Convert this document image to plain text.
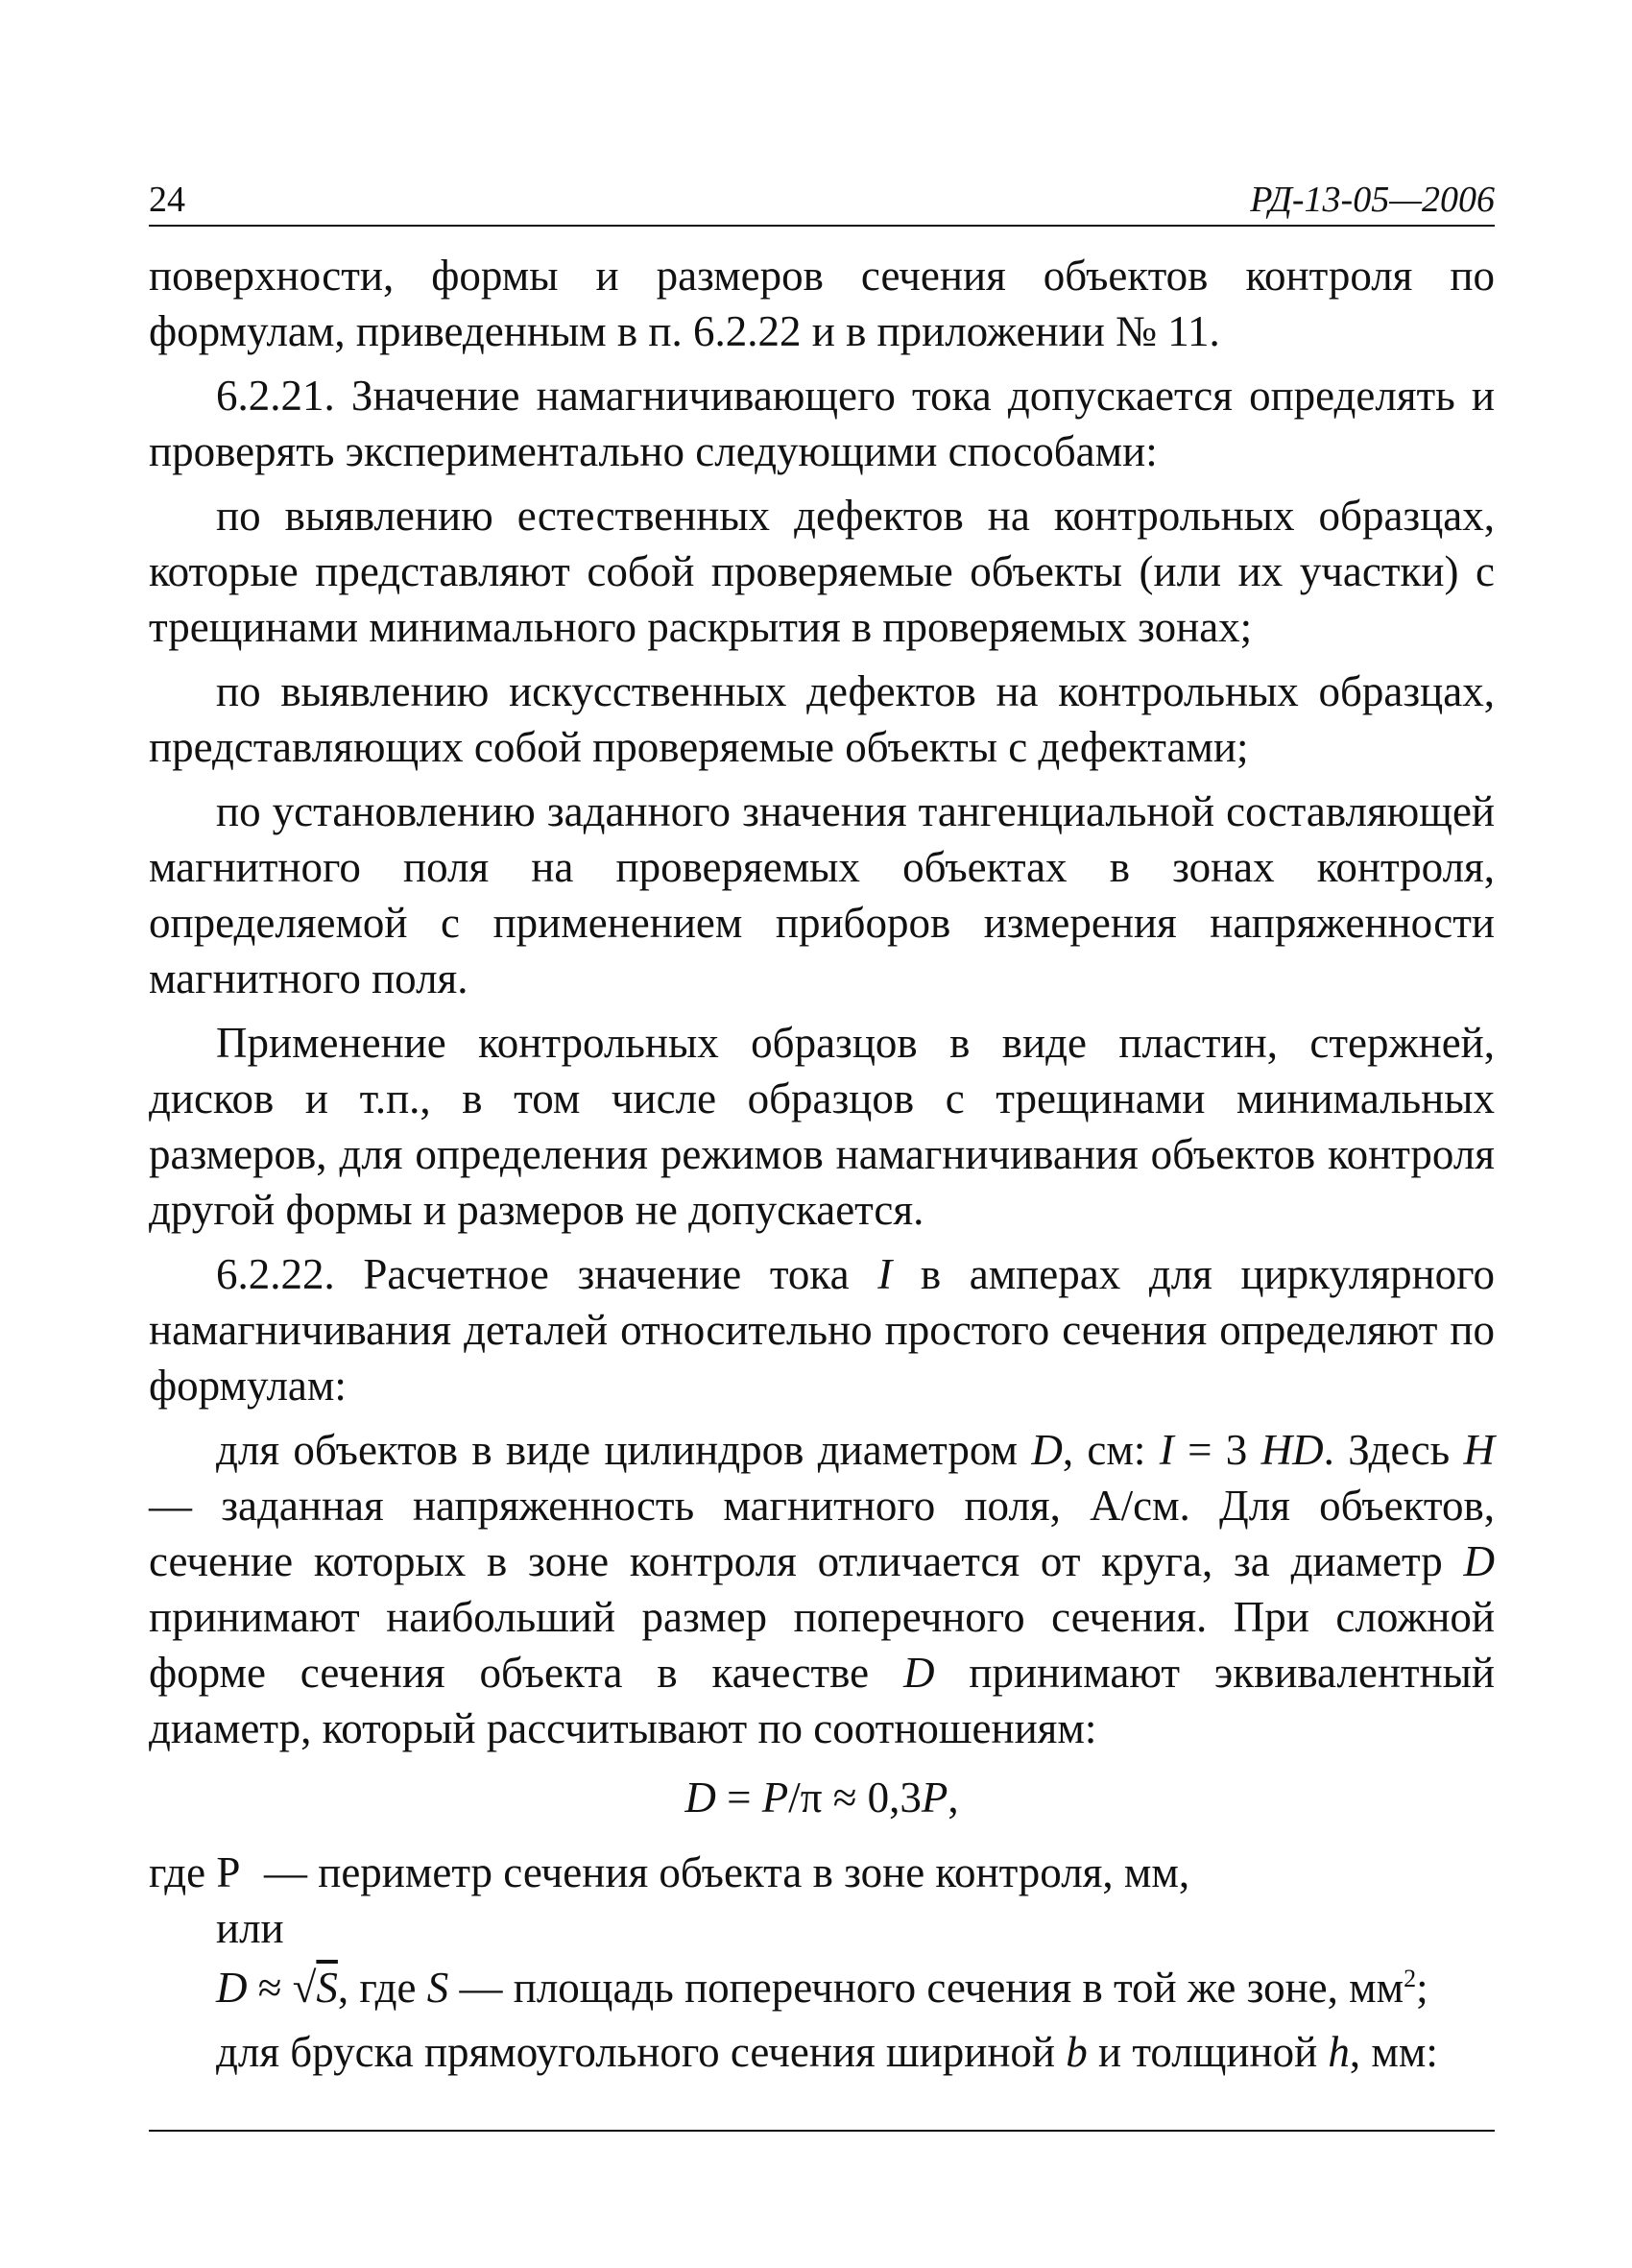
24	РД-13-05—2006

поверхности, формы и размеров сечения объектов контроля по формулам, приведенным в п. 6.2.22 и в приложении № 11.

6.2.21. Значение намагничивающего тока допускается определять и проверять экспериментально следующими способами:

по выявлению естественных дефектов на контрольных образцах, которые представляют собой проверяемые объекты (или их участки) с трещинами минимального раскрытия в проверяемых зонах;

по выявлению искусственных дефектов на контрольных образцах, представляющих собой проверяемые объекты с дефектами;

по установлению заданного значения тангенциальной составляющей магнитного поля на проверяемых объектах в зонах контроля, определяемой с применением приборов измерения напряженности магнитного поля.

Применение контрольных образцов в виде пластин, стержней, дисков и т.п., в том числе образцов с трещинами минимальных размеров, для определения режимов намагничивания объектов контроля другой формы и размеров не допускается.

6.2.22. Расчетное значение тока I в амперах для циркулярного намагничивания деталей относительно простого сечения определяют по формулам:

для объектов в виде цилиндров диаметром D, см: I = 3 HD. Здесь H — заданная напряженность магнитного поля, А/см. Для объектов, сечение которых в зоне контроля отличается от круга, за диаметр D принимают наибольший размер поперечного сечения. При сложной форме сечения объекта в качестве D принимают эквивалентный диаметр, который рассчитывают по соотношениям:

D = P/π ≈ 0,3P,

где P — периметр сечения объекта в зоне контроля, мм,

или

D ≈ √S, где S — площадь поперечного сечения в той же зоне, $мм^2$;

для бруска прямоугольного сечения шириной b и толщиной h, мм:
